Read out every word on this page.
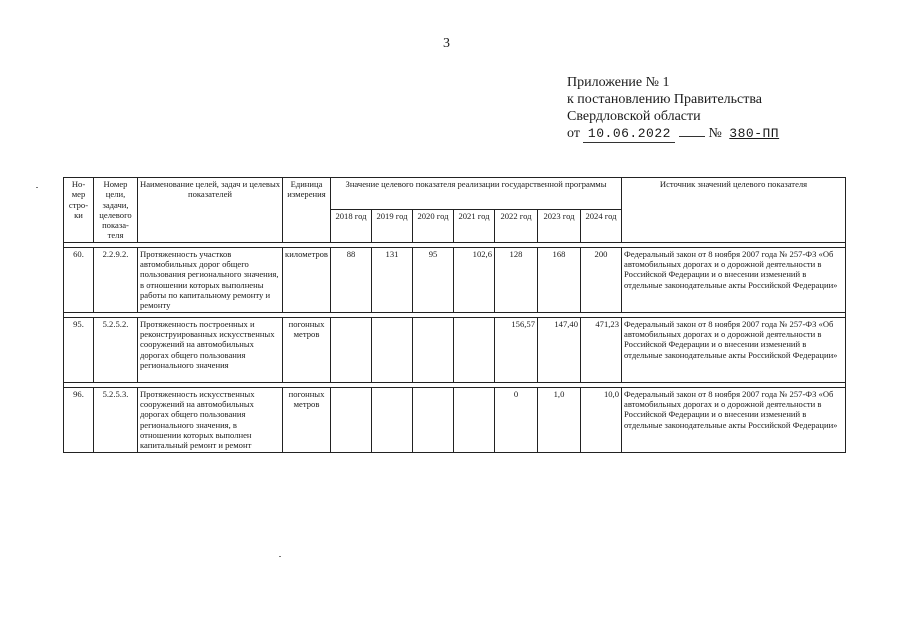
3
Приложение № 1
к постановлению Правительства
Свердловской области
от 10.06.2022	№ 380-ПП
Но-мер стро-ки	Номер цели, задачи, целевого показа-теля	Наименование целей, задач и целевых показателей	Единица измерения	Значение целевого показателя реализации государственной программы							Источник значений целевого показателя
				2018 год	2019 год	2020 год	2021 год	2022 год	2023 год	2024 год	

60.	2.2.9.2.	Протяженность участков автомобильных дорог общего пользования регионального значения, в отношении которых выполнены работы по капитальному ремонту и ремонту	километров	88	131	95	102,6	128	168	200	Федеральный закон от 8 ноября 2007 года № 257-ФЗ «Об автомобильных дорогах и о дорожной деятельности в Российской Федерации и о внесении изменений в отдельные законодательные акты Российской Федерации»

95.	5.2.5.2.	Протяженность построенных и реконструированных искусственных сооружений на автомобильных дорогах общего пользования регионального значения	погонных метров					156,57	147,40	471,23	Федеральный закон от 8 ноября 2007 года № 257-ФЗ «Об автомобильных дорогах и о дорожной деятельности в Российской Федерации и о внесении изменений в отдельные законодательные акты Российской Федерации»

96.	5.2.5.3.	Протяженность искусственных сооружений на автомобильных дорогах общего пользования регионального значения, в отношении которых выполнен капитальный ремонт и ремонт	погонных метров					0	1,0	10,0	Федеральный закон от 8 ноября 2007 года № 257-ФЗ «Об автомобильных дорогах и о дорожной деятельности в Российской Федерации и о внесении изменений в отдельные законодательные акты Российской Федерации»
